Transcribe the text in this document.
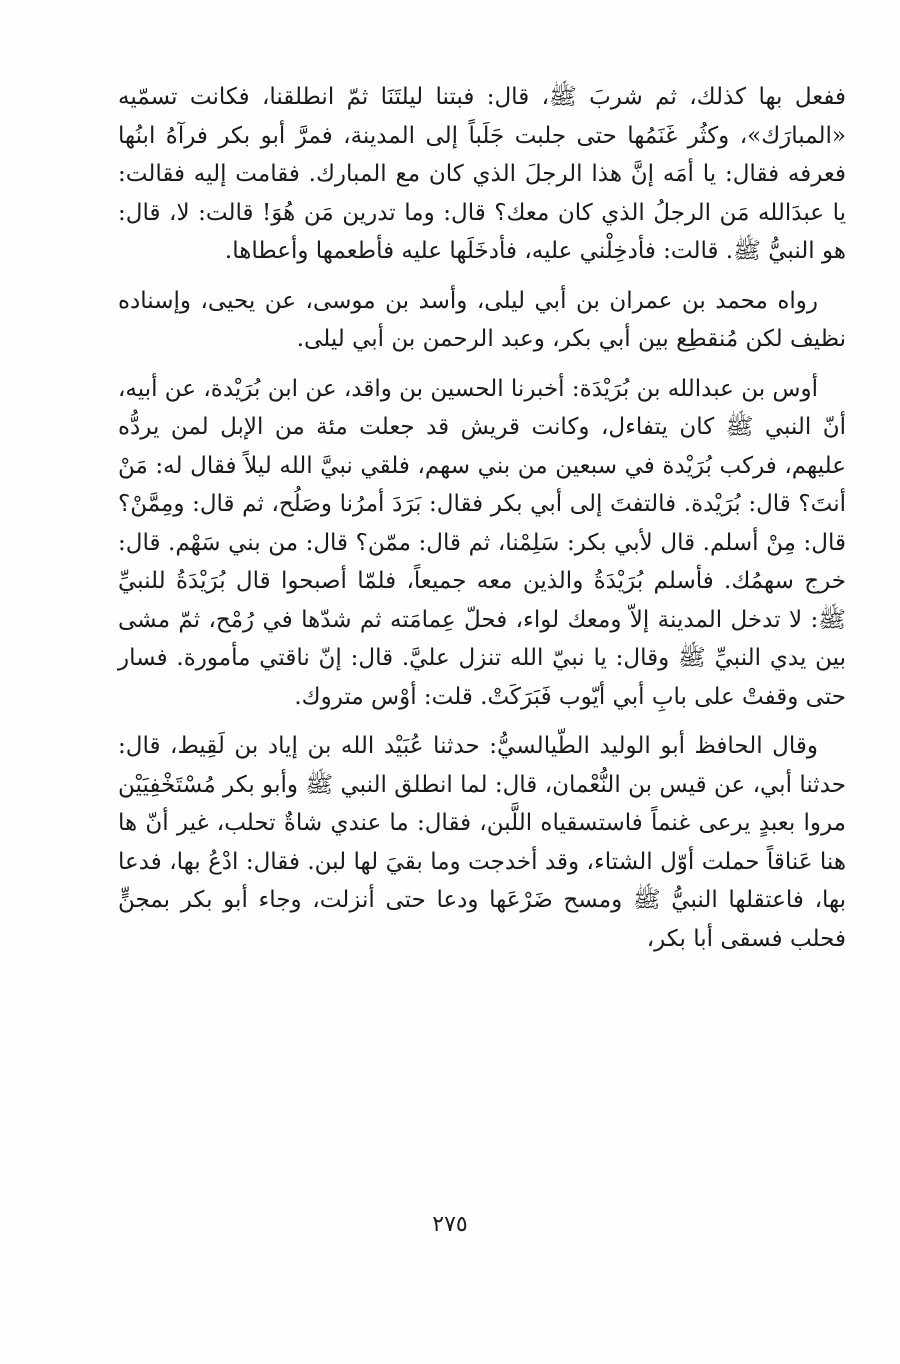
ففعل بها كذلك، ثم شربَ ﷺ، قال: فبتنا ليلتَنَا ثمّ انطلقنا، فكانت تسمّيه «المبارَك»، وكثُر غَنَمُها حتى جلبت جَلَباً إلى المدينة، فمرَّ أبو بكر فرآهُ ابنُها فعرفه فقال: يا أمَه إنَّ هذا الرجلَ الذي كان مع المبارك. فقامت إليه فقالت: يا عبدَالله مَن الرجلُ الذي كان معك؟ قال: وما تدرين مَن هُوَ! قالت: لا، قال: هو النبيُّ ﷺ. قالت: فأدخِلْني عليه، فأدخَلَها عليه فأطعمها وأعطاها.

رواه محمد بن عمران بن أبي ليلى، وأسد بن موسى، عن يحيى، وإسناده نظيف لكن مُنقطِع بين أبي بكر، وعبد الرحمن بن أبي ليلى.

أوس بن عبدالله بن بُرَيْدَة: أخبرنا الحسين بن واقد، عن ابن بُرَيْدة، عن أبيه، أنّ النبي ﷺ كان يتفاءل، وكانت قريش قد جعلت مئة من الإبل لمن يردُّه عليهم، فركب بُرَيْدة في سبعين من بني سهم، فلقي نبيَّ الله ليلاً فقال له: مَنْ أنتَ؟ قال: بُرَيْدة. فالتفتَ إلى أبي بكر فقال: بَرَدَ أمرُنا وصَلُح، ثم قال: ومِمَّنْ؟ قال: مِنْ أسلم. قال لأبي بكر: سَلِمْنا، ثم قال: ممّن؟ قال: من بني سَهْم. قال: خرج سهمُك. فأسلم بُرَيْدَةُ والذين معه جميعاً، فلمّا أصبحوا قال بُرَيْدَةُ للنبيِّ ﷺ: لا تدخل المدينة إلاّ ومعك لواء، فحلّ عِمامَته ثم شدّها في رُمْح، ثمّ مشى بين يدي النبيِّ ﷺ وقال: يا نبيّ الله تنزل عليَّ. قال: إنّ ناقتي مأمورة. فسار حتى وقفتْ على بابِ أبي أيّوب فَبَرَكَتْ. قلت: أوْس متروك.

وقال الحافظ أبو الوليد الطّيالسيُّ: حدثنا عُبَيْد الله بن إياد بن لَقِيط، قال: حدثنا أبي، عن قيس بن النُّعْمان، قال: لما انطلق النبي ﷺ وأبو بكر مُسْتَخْفِيَيْن مروا بعبدٍ يرعى غنماً فاستسقياه اللَّبن، فقال: ما عندي شاةٌ تحلب، غير أنّ ها هنا عَناقاً حملت أوّل الشتاء، وقد أخدجت وما بقيَ لها لبن. فقال: ادْعُ بها، فدعا بها، فاعتقلها النبيُّ ﷺ ومسح ضَرْعَها ودعا حتى أنزلت، وجاء أبو بكر بمجنٍّ فحلب فسقى أبا بكر،

٢٧٥
